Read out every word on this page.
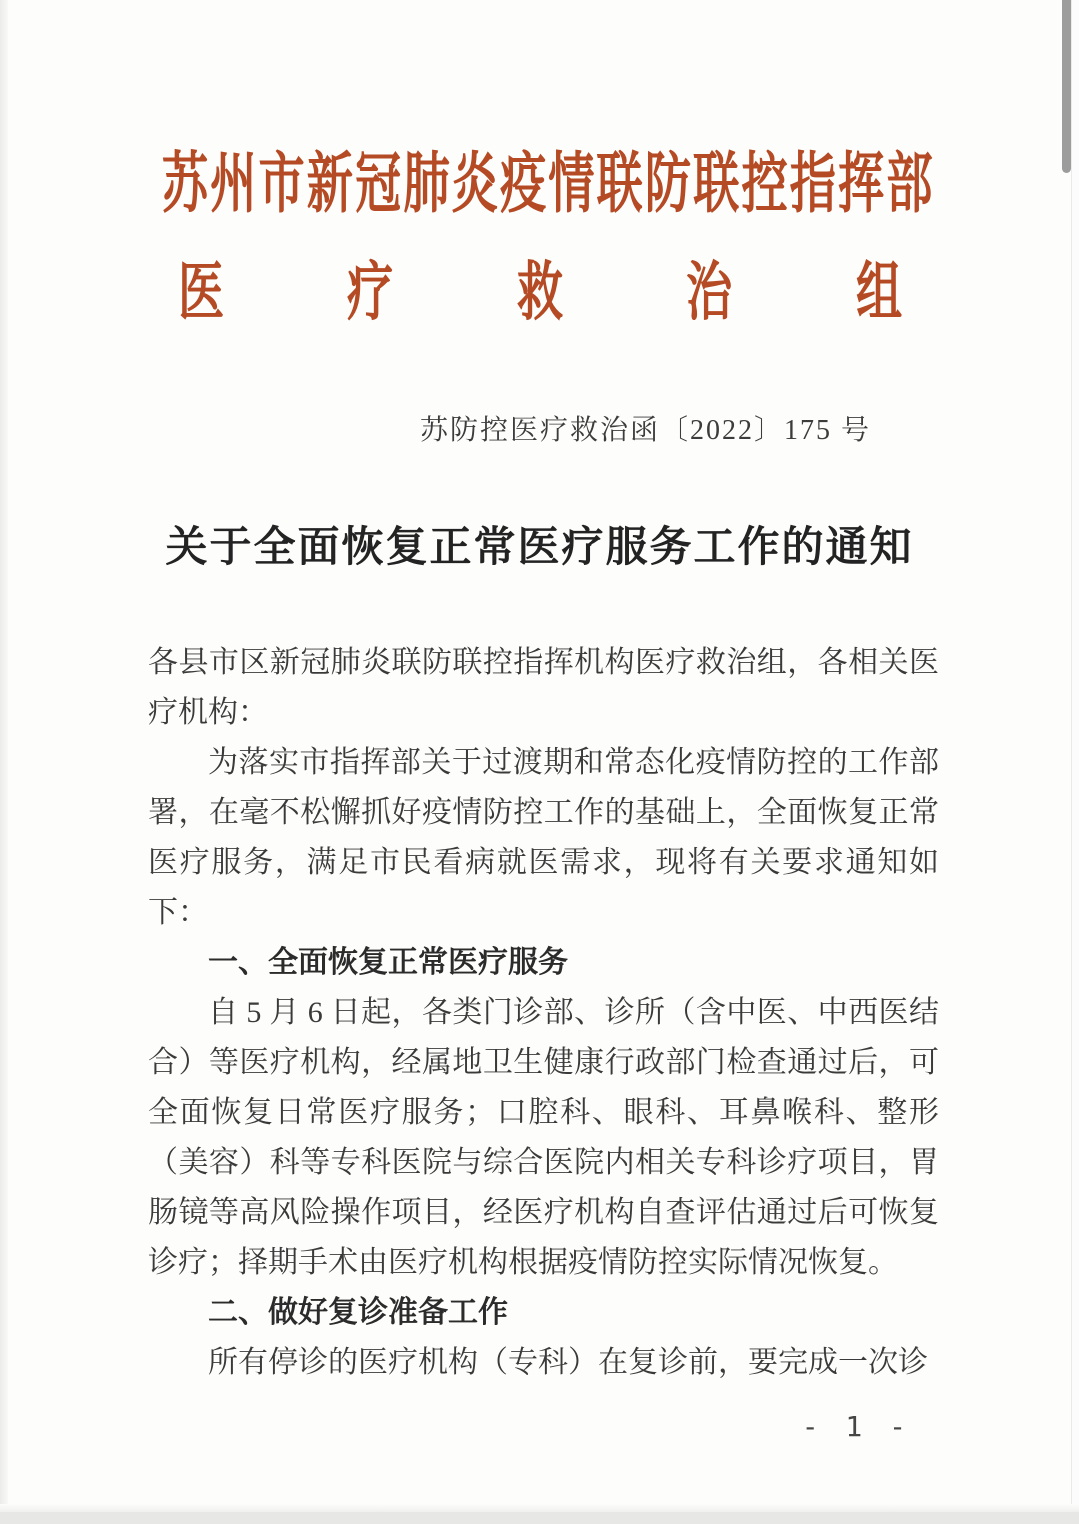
苏州市新冠肺炎疫情联防联控指挥部
医 疗 救 治 组
苏防控医疗救治函〔2022〕175 号
关于全面恢复正常医疗服务工作的通知

各县市区新冠肺炎联防联控指挥机构医疗救治组，各相关医疗机构：

为落实市指挥部关于过渡期和常态化疫情防控的工作部署，在毫不松懈抓好疫情防控工作的基础上，全面恢复正常医疗服务，满足市民看病就医需求，现将有关要求通知如下：

一、全面恢复正常医疗服务

自 5 月 6 日起，各类门诊部、诊所（含中医、中西医结合）等医疗机构，经属地卫生健康行政部门检查通过后，可全面恢复日常医疗服务；口腔科、眼科、耳鼻喉科、整形（美容）科等专科医院与综合医院内相关专科诊疗项目，胃肠镜等高风险操作项目，经医疗机构自查评估通过后可恢复诊疗；择期手术由医疗机构根据疫情防控实际情况恢复。

二、做好复诊准备工作

所有停诊的医疗机构（专科）在复诊前，要完成一次诊

- 1 -
